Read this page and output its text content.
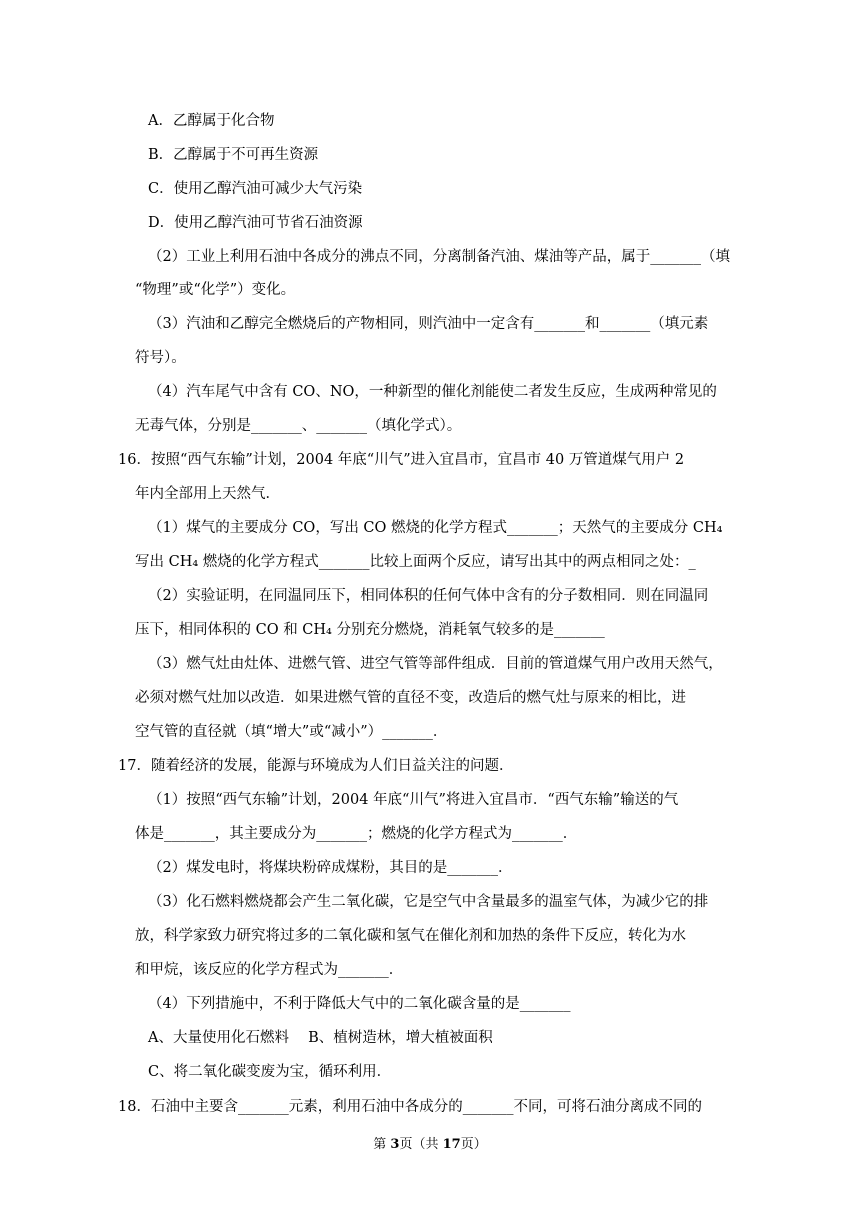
A．乙醇属于化合物
B．乙醇属于不可再生资源
C．使用乙醇汽油可减少大气污染
D．使用乙醇汽油可节省石油资源
（2）工业上利用石油中各成分的沸点不同，分离制备汽油、煤油等产品，属于_______（填
“物理”或“化学”）变化。
（3）汽油和乙醇完全燃烧后的产物相同，则汽油中一定含有_______和_______（填元素
符号）。
（4）汽车尾气中含有 CO、NO，一种新型的催化剂能使二者发生反应，生成两种常见的
无毒气体，分别是_______、_______（填化学式）。
16．按照“西气东输”计划，2004 年底“川气”进入宜昌市，宜昌市 40 万管道煤气用户 2
年内全部用上天然气．
（1）煤气的主要成分 CO，写出 CO 燃烧的化学方程式_______；天然气的主要成分 CH₄
写出 CH₄ 燃烧的化学方程式_______比较上面两个反应，请写出其中的两点相同之处：_
（2）实验证明，在同温同压下，相同体积的任何气体中含有的分子数相同．则在同温同
压下，相同体积的 CO 和 CH₄ 分别充分燃烧，消耗氧气较多的是_______
（3）燃气灶由灶体、进燃气管、进空气管等部件组成．目前的管道煤气用户改用天然气，
必须对燃气灶加以改造．如果进燃气管的直径不变，改造后的燃气灶与原来的相比，进
空气管的直径就（填“增大”或“减小”）_______．
17．随着经济的发展，能源与环境成为人们日益关注的问题．
（1）按照“西气东输”计划，2004 年底“川气”将进入宜昌市．“西气东输”输送的气
体是_______，其主要成分为_______；燃烧的化学方程式为_______．
（2）煤发电时，将煤块粉碎成煤粉，其目的是_______．
（3）化石燃料燃烧都会产生二氧化碳，它是空气中含量最多的温室气体，为减少它的排
放，科学家致力研究将过多的二氧化碳和氢气在催化剂和加热的条件下反应，转化为水
和甲烷，该反应的化学方程式为_______．
（4）下列措施中，不利于降低大气中的二氧化碳含量的是_______
A、大量使用化石燃料　 B、植树造林，增大植被面积
C、将二氧化碳变废为宝，循环利用．
18．石油中主要含_______元素，利用石油中各成分的_______不同，可将石油分离成不同的
第 3页（共 17页）
